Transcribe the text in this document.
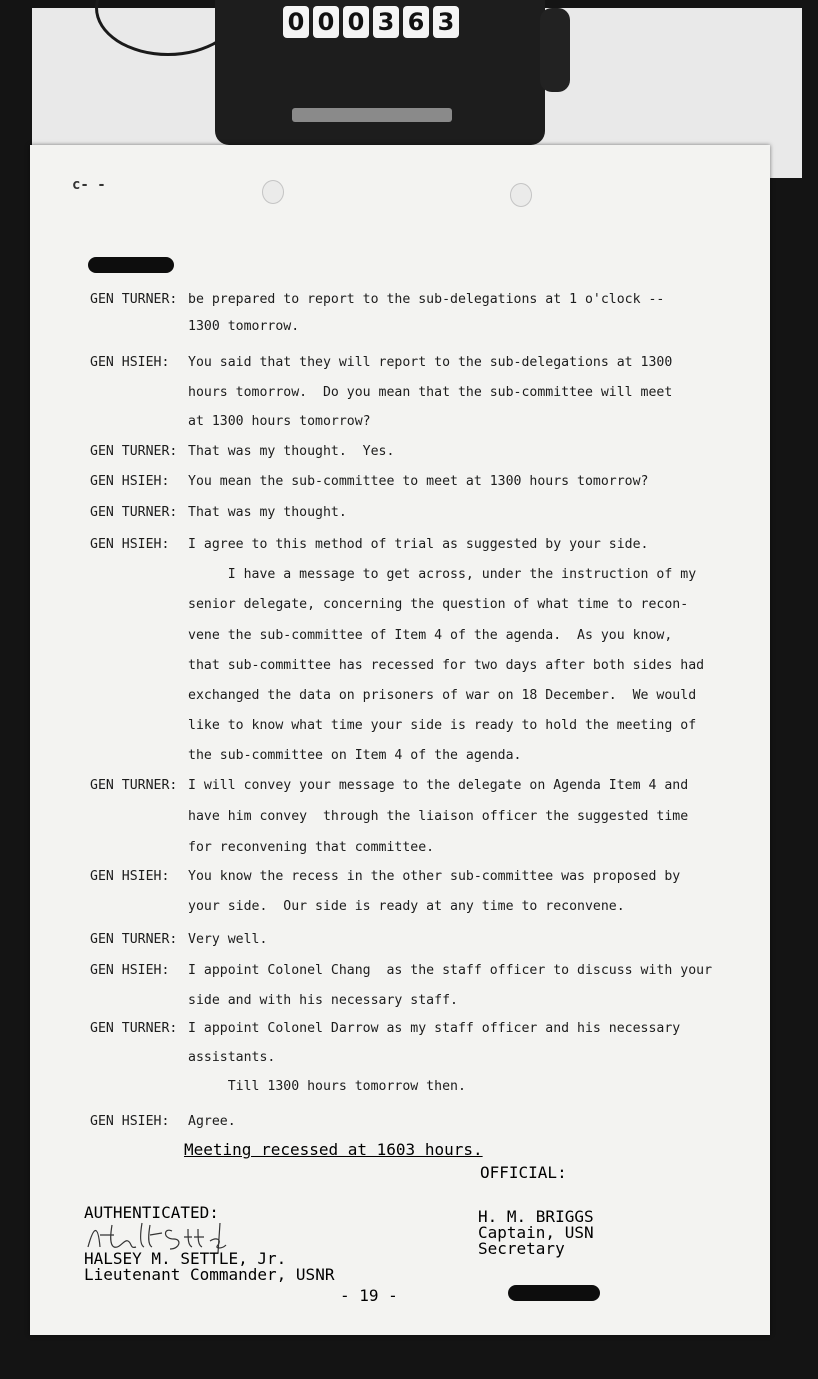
0 0 0 3 6 3
c- -
GEN TURNER: be prepared to report to the sub-delegations at 1 o'clock --
1300 tomorrow.
GEN HSIEH:	You said that they will report to the sub-delegations at 1300
hours tomorrow.  Do you mean that the sub-committee will meet
at 1300 hours tomorrow?
GEN TURNER: That was my thought.  Yes.
GEN HSIEH:	You mean the sub-committee to meet at 1300 hours tomorrow?
GEN TURNER: That was my thought.
GEN HSIEH:	I agree to this method of trial as suggested by your side.
I have a message to get across, under the instruction of my
senior delegate, concerning the question of what time to recon-
vene the sub-committee of Item 4 of the agenda.  As you know,
that sub-committee has recessed for two days after both sides had
exchanged the data on prisoners of war on 18 December.  We would
like to know what time your side is ready to hold the meeting of
the sub-committee on Item 4 of the agenda.
GEN TURNER: I will convey your message to the delegate on Agenda Item 4 and
have him convey  through the liaison officer the suggested time
for reconvening that committee.
GEN HSIEH:	You know the recess in the other sub-committee was proposed by
your side.  Our side is ready at any time to reconvene.
GEN TURNER: Very well.
GEN HSIEH:	I appoint Colonel Chang  as the staff officer to discuss with your
side and with his necessary staff.
GEN TURNER: I appoint Colonel Darrow as my staff officer and his necessary
assistants.
Till 1300 hours tomorrow then.
GEN HSIEH:	Agree.
Meeting recessed at 1603 hours.
OFFICIAL:
H. M. BRIGGS
Captain, USN
Secretary
AUTHENTICATED:
HALSEY M. SETTLE, Jr.
Lieutenant Commander, USNR
- 19 -
